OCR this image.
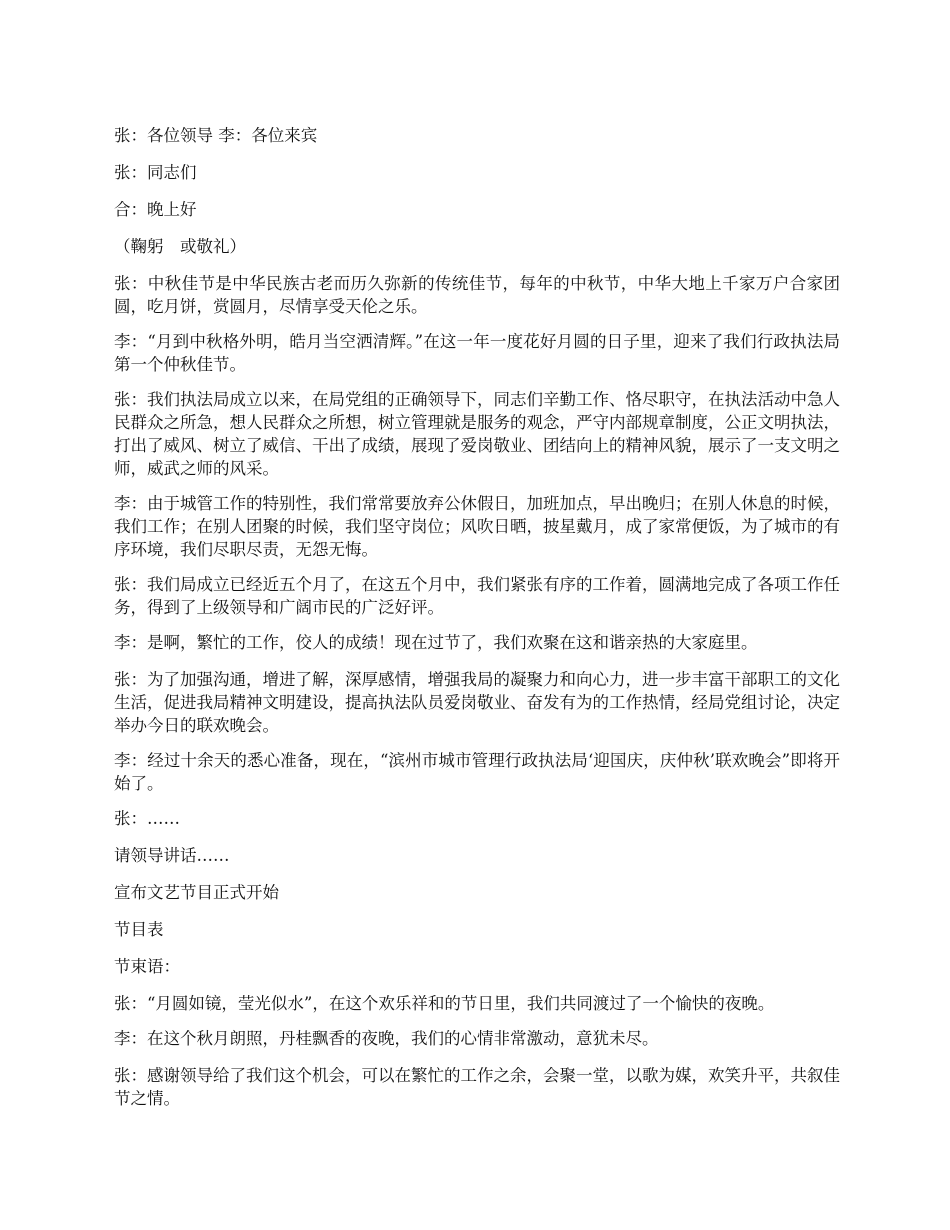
张：各位领导 李：各位来宾

张：同志们

合：晚上好

（鞠躬　或敬礼）

张：中秋佳节是中华民族古老而历久弥新的传统佳节，每年的中秋节，中华大地上千家万户合家团圆，吃月饼，赏圆月，尽情享受天伦之乐。

李：“月到中秋格外明，皓月当空洒清辉。”在这一年一度花好月圆的日子里，迎来了我们行政执法局第一个仲秋佳节。

张：我们执法局成立以来，在局党组的正确领导下，同志们辛勤工作、恪尽职守，在执法活动中急人民群众之所急，想人民群众之所想，树立管理就是服务的观念，严守内部规章制度，公正文明执法，打出了威风、树立了威信、干出了成绩，展现了爱岗敬业、团结向上的精神风貌，展示了一支文明之师，威武之师的风采。

李：由于城管工作的特别性，我们常常要放弃公休假日，加班加点，早出晚归；在别人休息的时候，我们工作；在别人团聚的时候，我们坚守岗位；风吹日晒，披星戴月，成了家常便饭，为了城市的有序环境，我们尽职尽责，无怨无悔。

张：我们局成立已经近五个月了，在这五个月中，我们紧张有序的工作着，圆满地完成了各项工作任务，得到了上级领导和广阔市民的广泛好评。

李：是啊，繁忙的工作，佼人的成绩！现在过节了，我们欢聚在这和谐亲热的大家庭里。

张：为了加强沟通，增进了解，深厚感情，增强我局的凝聚力和向心力，进一步丰富干部职工的文化生活，促进我局精神文明建设，提高执法队员爱岗敬业、奋发有为的工作热情，经局党组讨论，决定举办今日的联欢晚会。

李：经过十余天的悉心准备，现在，“滨州市城市管理行政执法局‘迎国庆，庆仲秋’联欢晚会”即将开始了。

张：……

请领导讲话……

宣布文艺节目正式开始

节目表

节束语：

张：“月圆如镜，莹光似水”，在这个欢乐祥和的节日里，我们共同渡过了一个愉快的夜晚。

李：在这个秋月朗照，丹桂飘香的夜晚，我们的心情非常激动，意犹未尽。

张：感谢领导给了我们这个机会，可以在繁忙的工作之余，会聚一堂，以歌为媒，欢笑升平，共叙佳节之情。
